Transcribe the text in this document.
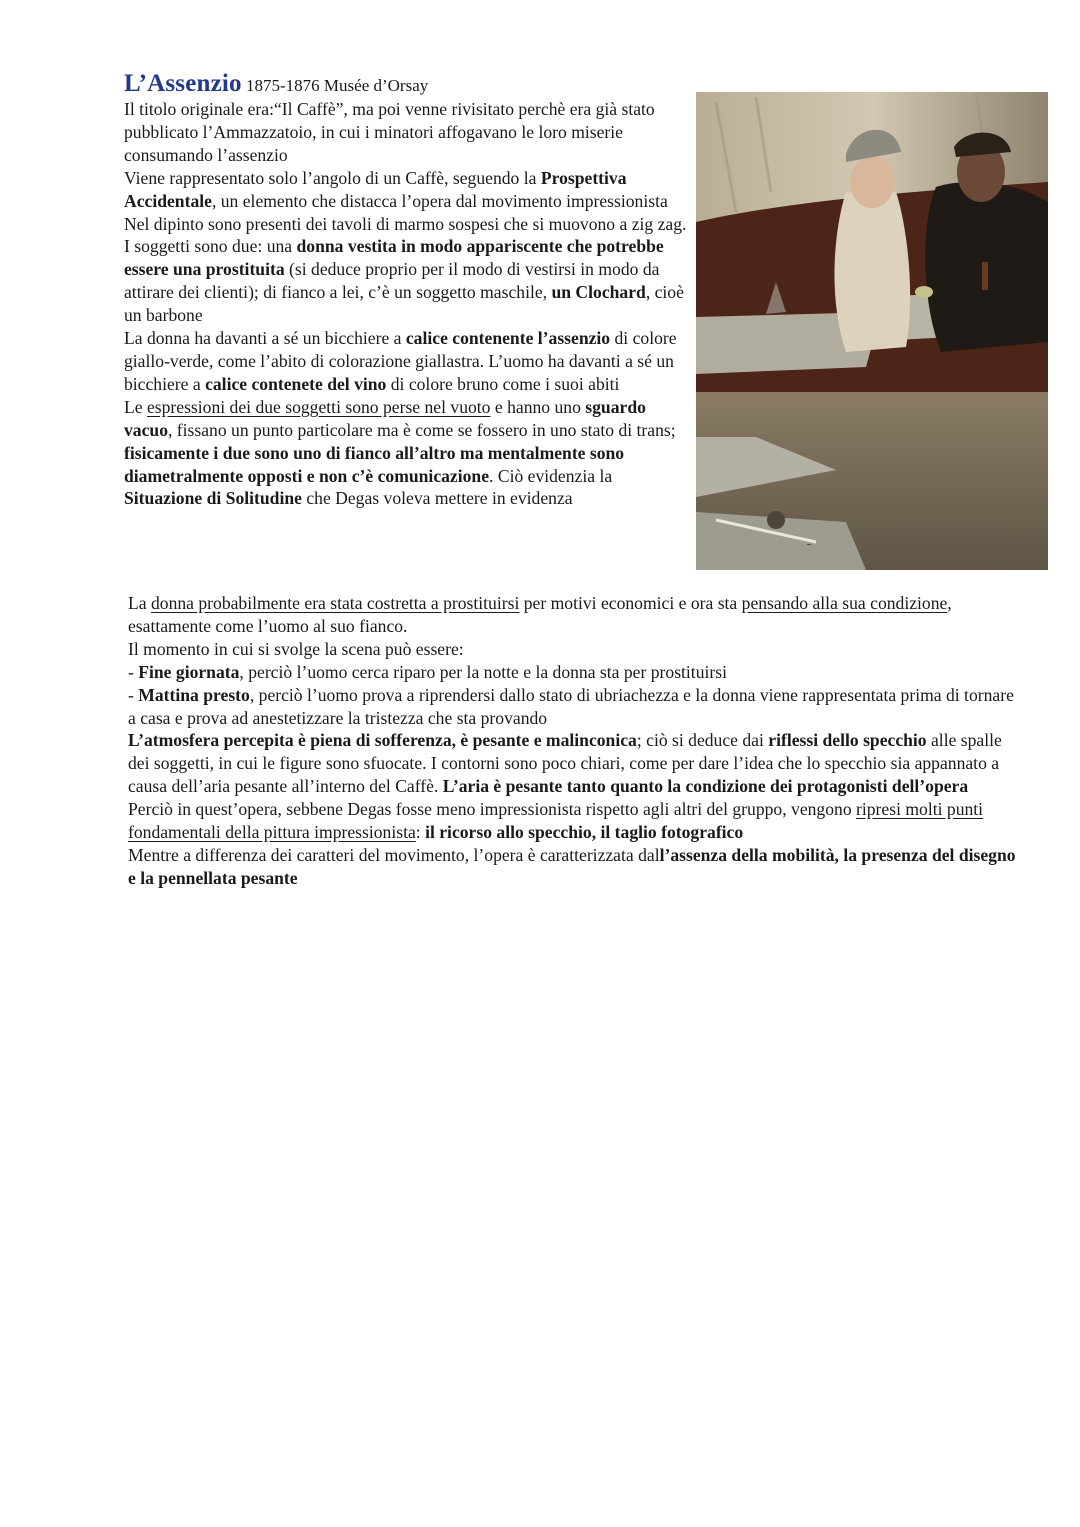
L’Assenzio 1875-1876 Musée d’Orsay

Il titolo originale era:“Il Caffè”, ma poi venne rivisitato perchè era già stato pubblicato l’Ammazzatoio, in cui i minatori affogavano le loro miserie consumando l’assenzio

Viene rappresentato solo l’angolo di un Caffè, seguendo la Prospettiva Accidentale, un elemento che distacca l’opera dal movimento impressionista

Nel dipinto sono presenti dei tavoli di marmo sospesi che si muovono a zig zag. I soggetti sono due: una donna vestita in modo appariscente che potrebbe essere una prostituita (si deduce proprio per il modo di vestirsi in modo da attirare dei clienti); di fianco a lei, c’è un soggetto maschile, un Clochard, cioè un barbone

La donna ha davanti a sé un bicchiere a calice contenente l’assenzio di colore giallo-verde, come l’abito di colorazione giallastra. L’uomo ha davanti a sé un bicchiere a calice contenete del vino di colore bruno come i suoi abiti

Le espressioni dei due soggetti sono perse nel vuoto e hanno uno sguardo vacuo, fissano un punto particolare ma è come se fossero in uno stato di trans; fisicamente i due sono uno di fianco all’altro ma mentalmente sono diametralmente opposti e non c’è comunicazione. Ciò evidenzia la Situazione di Solitudine che Degas voleva mettere in evidenza

~

La donna probabilmente era stata costretta a prostituirsi per motivi economici e ora sta pensando alla sua condizione, esattamente come l’uomo al suo fianco.

Il momento in cui si svolge la scena può essere:

- Fine giornata, perciò l’uomo cerca riparo per la notte e la donna sta per prostituirsi

- Mattina presto, perciò l’uomo prova a riprendersi dallo stato di ubriachezza e la donna viene rappresentata prima di tornare a casa e prova ad anestetizzare la tristezza che sta provando

L’atmosfera percepita è piena di sofferenza, è pesante e malinconica; ciò si deduce dai riflessi dello specchio alle spalle dei soggetti, in cui le figure sono sfuocate. I contorni sono poco chiari, come per dare l’idea che lo specchio sia appannato a causa dell’aria pesante all’interno del Caffè. L’aria è pesante tanto quanto la condizione dei protagonisti dell’opera

Perciò in quest’opera, sebbene Degas fosse meno impressionista rispetto agli altri del gruppo, vengono ripresi molti punti fondamentali della pittura impressionista: il ricorso allo specchio, il taglio fotografico

Mentre a differenza dei caratteri del movimento, l’opera è caratterizzata dall’assenza della mobilità, la presenza del disegno e la pennellata pesante
